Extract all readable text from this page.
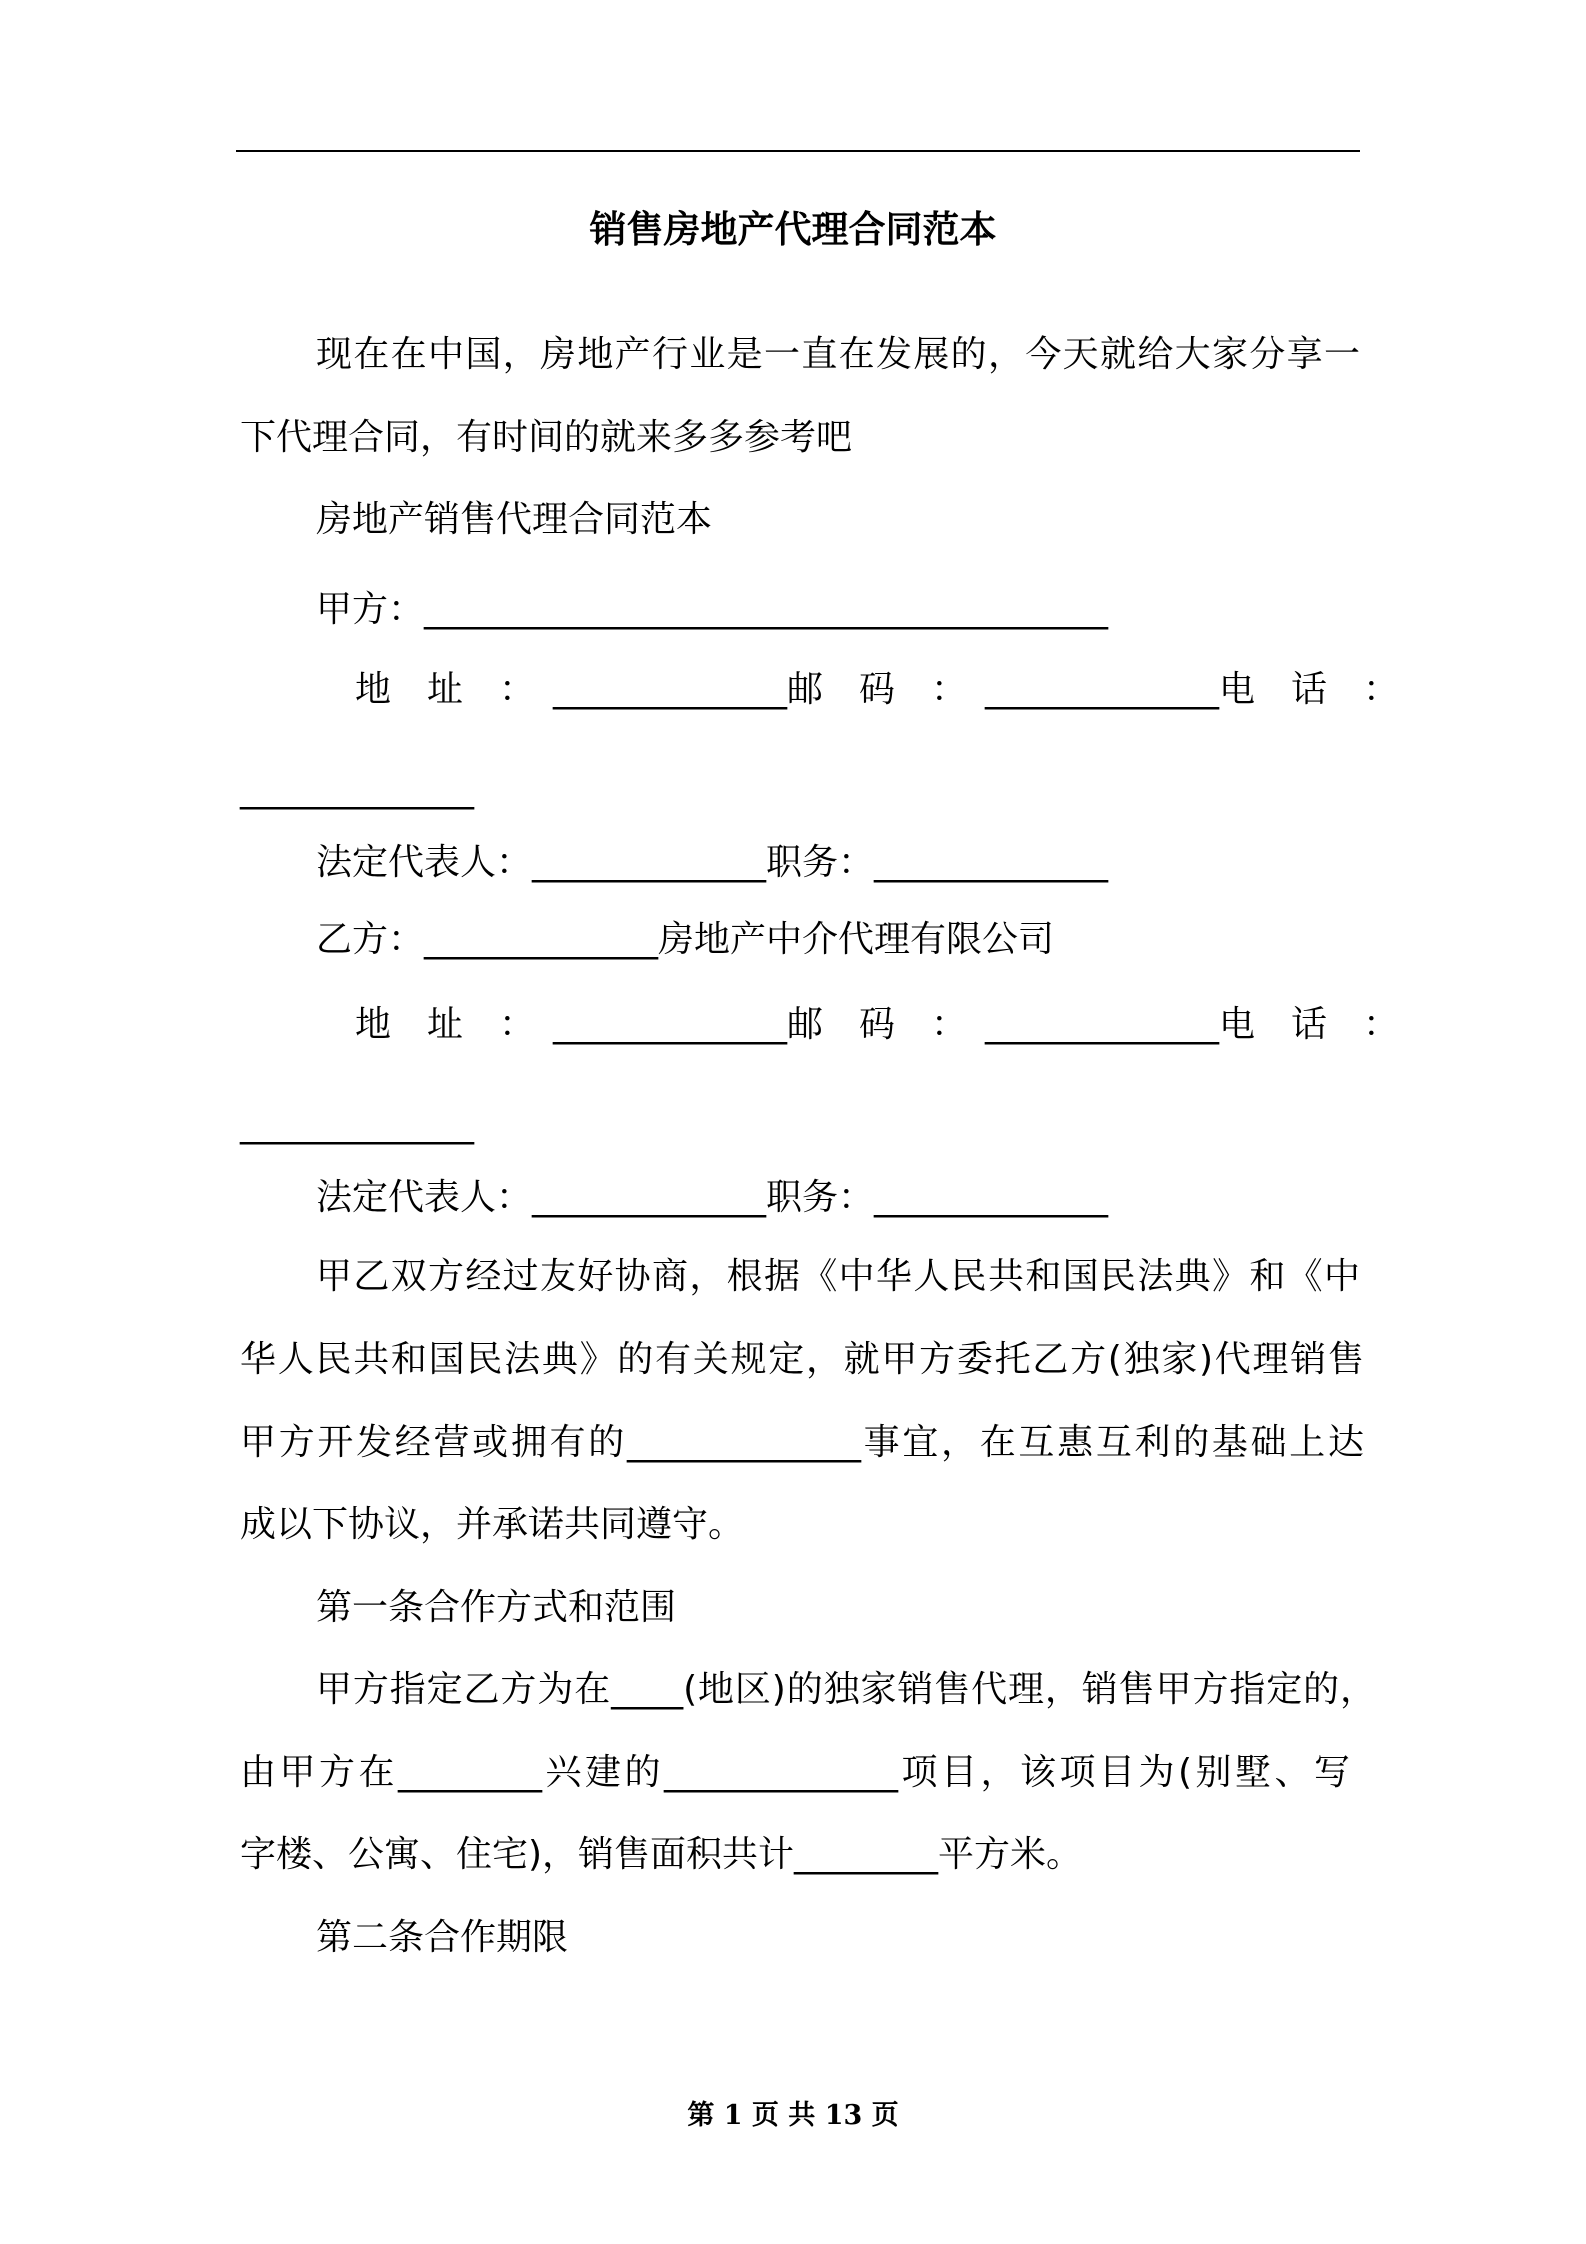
销售房地产代理合同范本
现在在中国，房地产行业是一直在发展的，今天就给大家分享一
下代理合同，有时间的就来多多参考吧
房地产销售代理合同范本
甲方：______________________________________
地　址　：　_____________邮　码　：　_____________电　话　：
_____________
法定代表人：_____________职务：_____________
乙方：_____________房地产中介代理有限公司
地　址　：　_____________邮　码　：　_____________电　话　：
_____________
法定代表人：_____________职务：_____________
甲乙双方经过友好协商，根据《中华人民共和国民法典》和《中
华人民共和国民法典》的有关规定，就甲方委托乙方(独家)代理销售
甲方开发经营或拥有的_____________事宜，在互惠互利的基础上达
成以下协议，并承诺共同遵守。
第一条合作方式和范围
甲方指定乙方为在____(地区)的独家销售代理，销售甲方指定的，
由甲方在________兴建的_____________项目，该项目为(别墅、写
字楼、公寓、住宅)，销售面积共计________平方米。
第二条合作期限
第 1 页 共 13 页
